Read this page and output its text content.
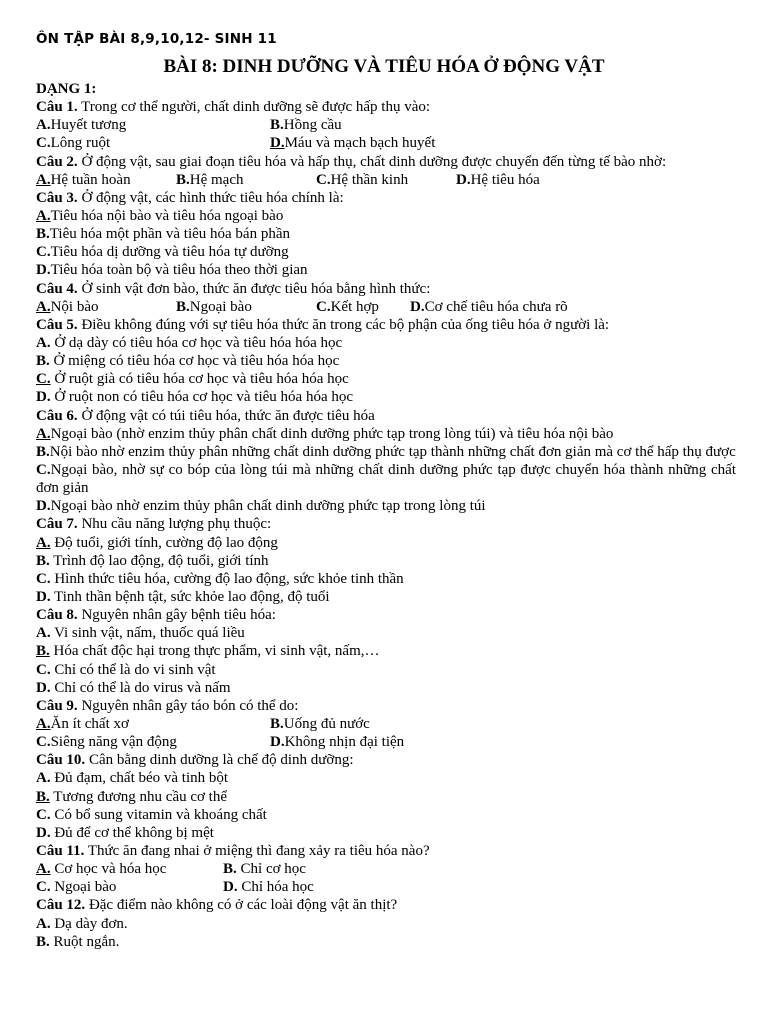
ÔN TẬP BÀI 8,9,10,12- SINH 11
BÀI 8: DINH DƯỠNG VÀ TIÊU HÓA Ở ĐỘNG VẬT
DẠNG 1:
Câu 1. Trong cơ thể người, chất dinh dưỡng sẽ được hấp thụ vào:
A.Huyết tương	B.Hồng cầu
C.Lông ruột	D.Máu và mạch bạch huyết
Câu 2. Ở động vật, sau giai đoạn tiêu hóa và hấp thụ, chất dinh dưỡng được chuyển đến từng tế bào nhờ:
A.Hệ tuần hoàn	B.Hệ mạch	C.Hệ thần kinh	D.Hệ tiêu hóa
Câu 3. Ở động vật, các hình thức tiêu hóa chính là:
A.Tiêu hóa nội bào và tiêu hóa ngoại bào
B.Tiêu hóa một phần và tiêu hóa bán phần
C.Tiêu hóa dị dưỡng và tiêu hóa tự dưỡng
D.Tiêu hóa toàn bộ và tiêu hóa theo thời gian
Câu 4. Ở sinh vật đơn bào, thức ăn được tiêu hóa bằng hình thức:
A.Nội bào	B.Ngoại bào	C.Kết hợp D.Cơ chế tiêu hóa chưa rõ
Câu 5. Điều không đúng với sự tiêu hóa thức ăn trong các bộ phận của ống tiêu hóa ở người là:
A. Ở dạ dày có tiêu hóa cơ học và tiêu hóa hóa học
B. Ở miệng có tiêu hóa cơ học và tiêu hóa hóa học
C. Ở ruột già có tiêu hóa cơ học và tiêu hóa hóa học
D. Ở ruột non có tiêu hóa cơ học và tiêu hóa hóa học
Câu 6. Ở động vật có túi tiêu hóa, thức ăn được tiêu hóa
A.Ngoại bào (nhờ enzim thủy phân chất dinh dưỡng phức tạp trong lòng túi) và tiêu hóa nội bào
B.Nội bào nhờ enzim thủy phân những chất dinh dưỡng phức tạp thành những chất đơn giản mà cơ thể hấp thụ được
C.Ngoại bào, nhờ sự co bóp của lòng túi mà những chất dinh dưỡng phức tạp được chuyển hóa thành những chất đơn giản
D.Ngoại bào nhờ enzim thủy phân chất dinh dưỡng phức tạp trong lòng túi
Câu 7. Nhu cầu năng lượng phụ thuộc:
A. Độ tuổi, giới tính, cường độ lao động
B. Trình độ lao động, độ tuổi, giới tính
C. Hình thức tiêu hóa, cường độ lao động, sức khỏe tinh thần
D. Tinh thần bệnh tật, sức khỏe lao động, độ tuổi
Câu 8. Nguyên nhân gây bệnh tiêu hóa:
A. Vi sinh vật, nấm, thuốc quá liều
B. Hóa chất độc hại trong thực phẩm, vi sinh vật, nấm,…
C. Chỉ có thể là do vi sinh vật
D. Chỉ có thể là do virus và nấm
Câu 9. Nguyên nhân gây táo bón có thể do:
A.Ăn ít chất xơ	B.Uống đủ nước
C.Siêng năng vận động	D.Không nhịn đại tiện
Câu 10. Cân bằng dinh dưỡng là chế độ dinh dưỡng:
A. Đủ đạm, chất béo và tinh bột
B. Tương đương nhu cầu cơ thể
C. Có bổ sung vitamin và khoáng chất
D. Đủ để cơ thể không bị mệt
Câu 11. Thức ăn đang nhai ở miệng thì đang xảy ra tiêu hóa nào?
A. Cơ học và hóa học	B. Chỉ cơ học
C. Ngoại bào	D. Chỉ hóa học
Câu 12. Đặc điểm nào không có ở các loài động vật ăn thịt?
A. Dạ dày đơn.
B. Ruột ngắn.
